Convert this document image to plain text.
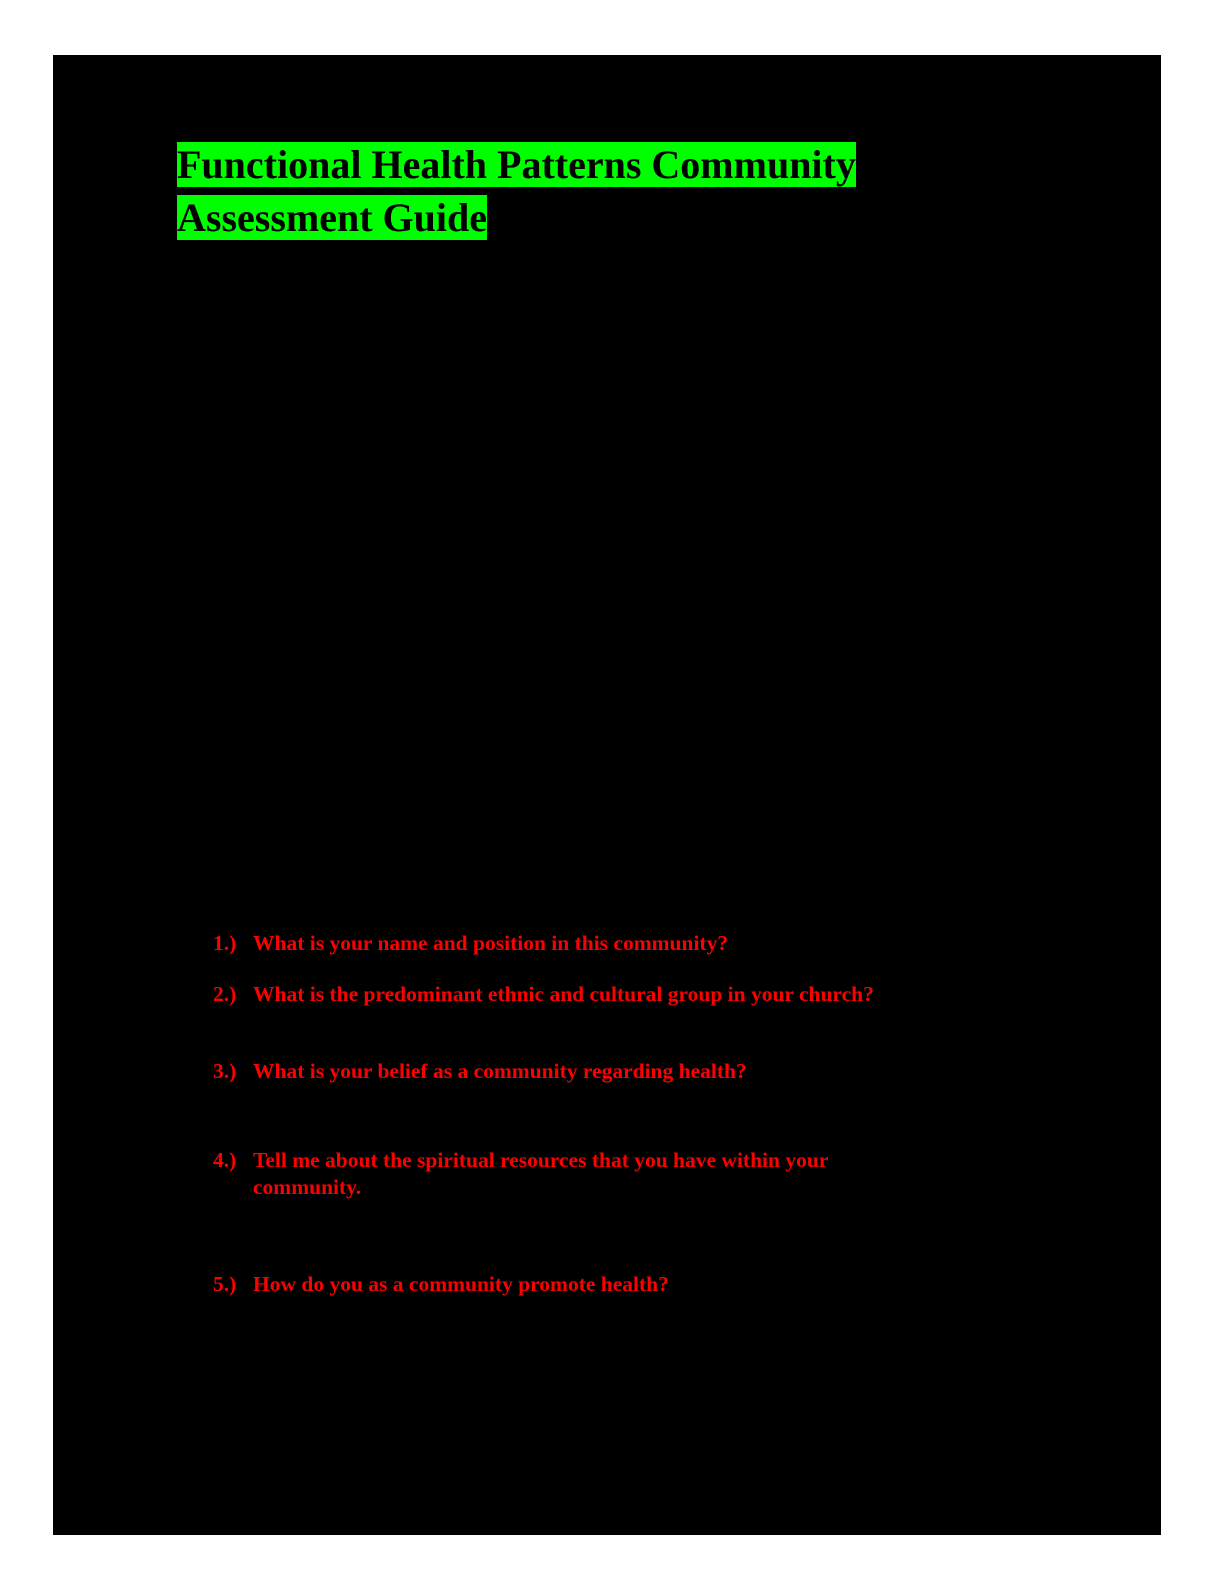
Functional Health Patterns Community
Assessment Guide
1.) What is your name and position in this community?
2.) What is the predominant ethnic and cultural group in your church?
3.) What is your belief as a community regarding health?
4.) Tell me about the spiritual resources that you have within your community.
5.) How do you as a community promote health?
